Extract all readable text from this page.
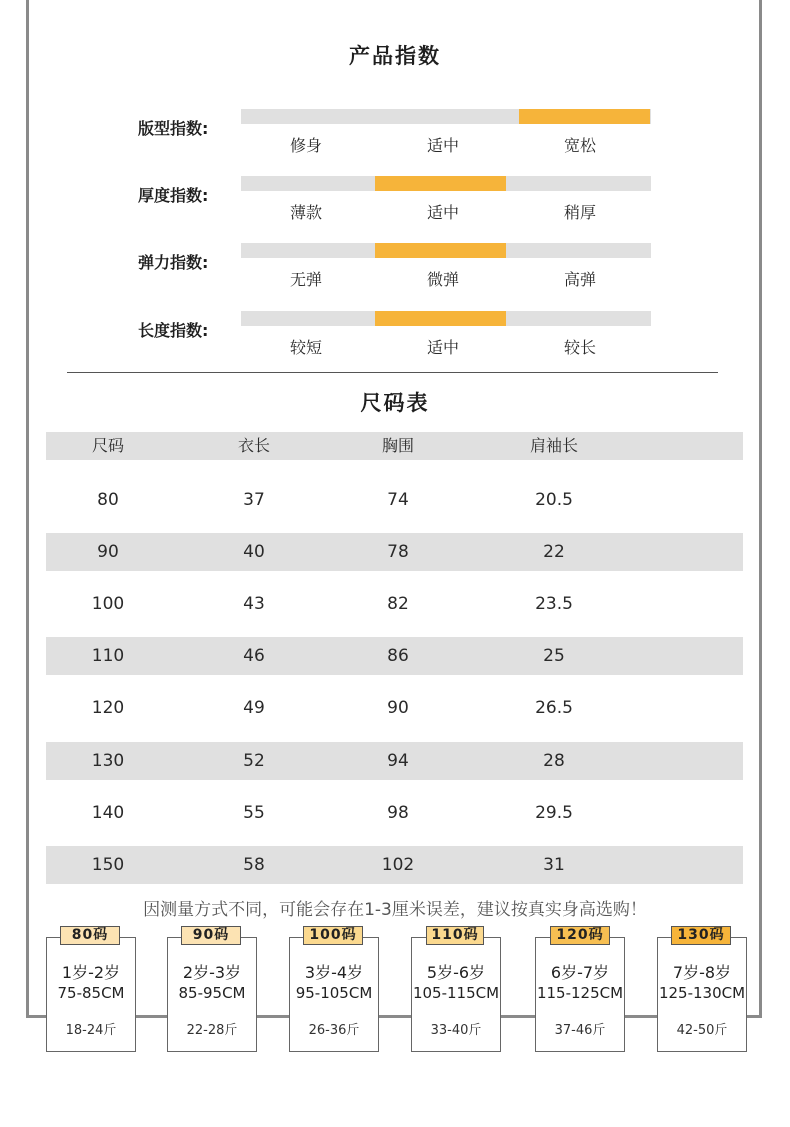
产品指数
版型指数:
修身	适中	宽松
厚度指数:
薄款	适中	稍厚
弹力指数:
无弹	微弹	高弹
长度指数:
较短	适中	较长
尺码表
尺码	衣长	胸围	肩袖长
80	37	74	20.5
90	40	78	22
100	43	82	23.5
110	46	86	25
120	49	90	26.5
130	52	94	28
140	55	98	29.5
150	58	102	31
因测量方式不同，可能会存在1-3厘米误差，建议按真实身高选购！
1岁-2岁
75-85CM
18-24斤
80码
2岁-3岁
85-95CM
22-28斤
90码
3岁-4岁
95-105CM
26-36斤
100码
5岁-6岁
105-115CM
33-40斤
110码
6岁-7岁
115-125CM
37-46斤
120码
7岁-8岁
125-130CM
42-50斤
130码
